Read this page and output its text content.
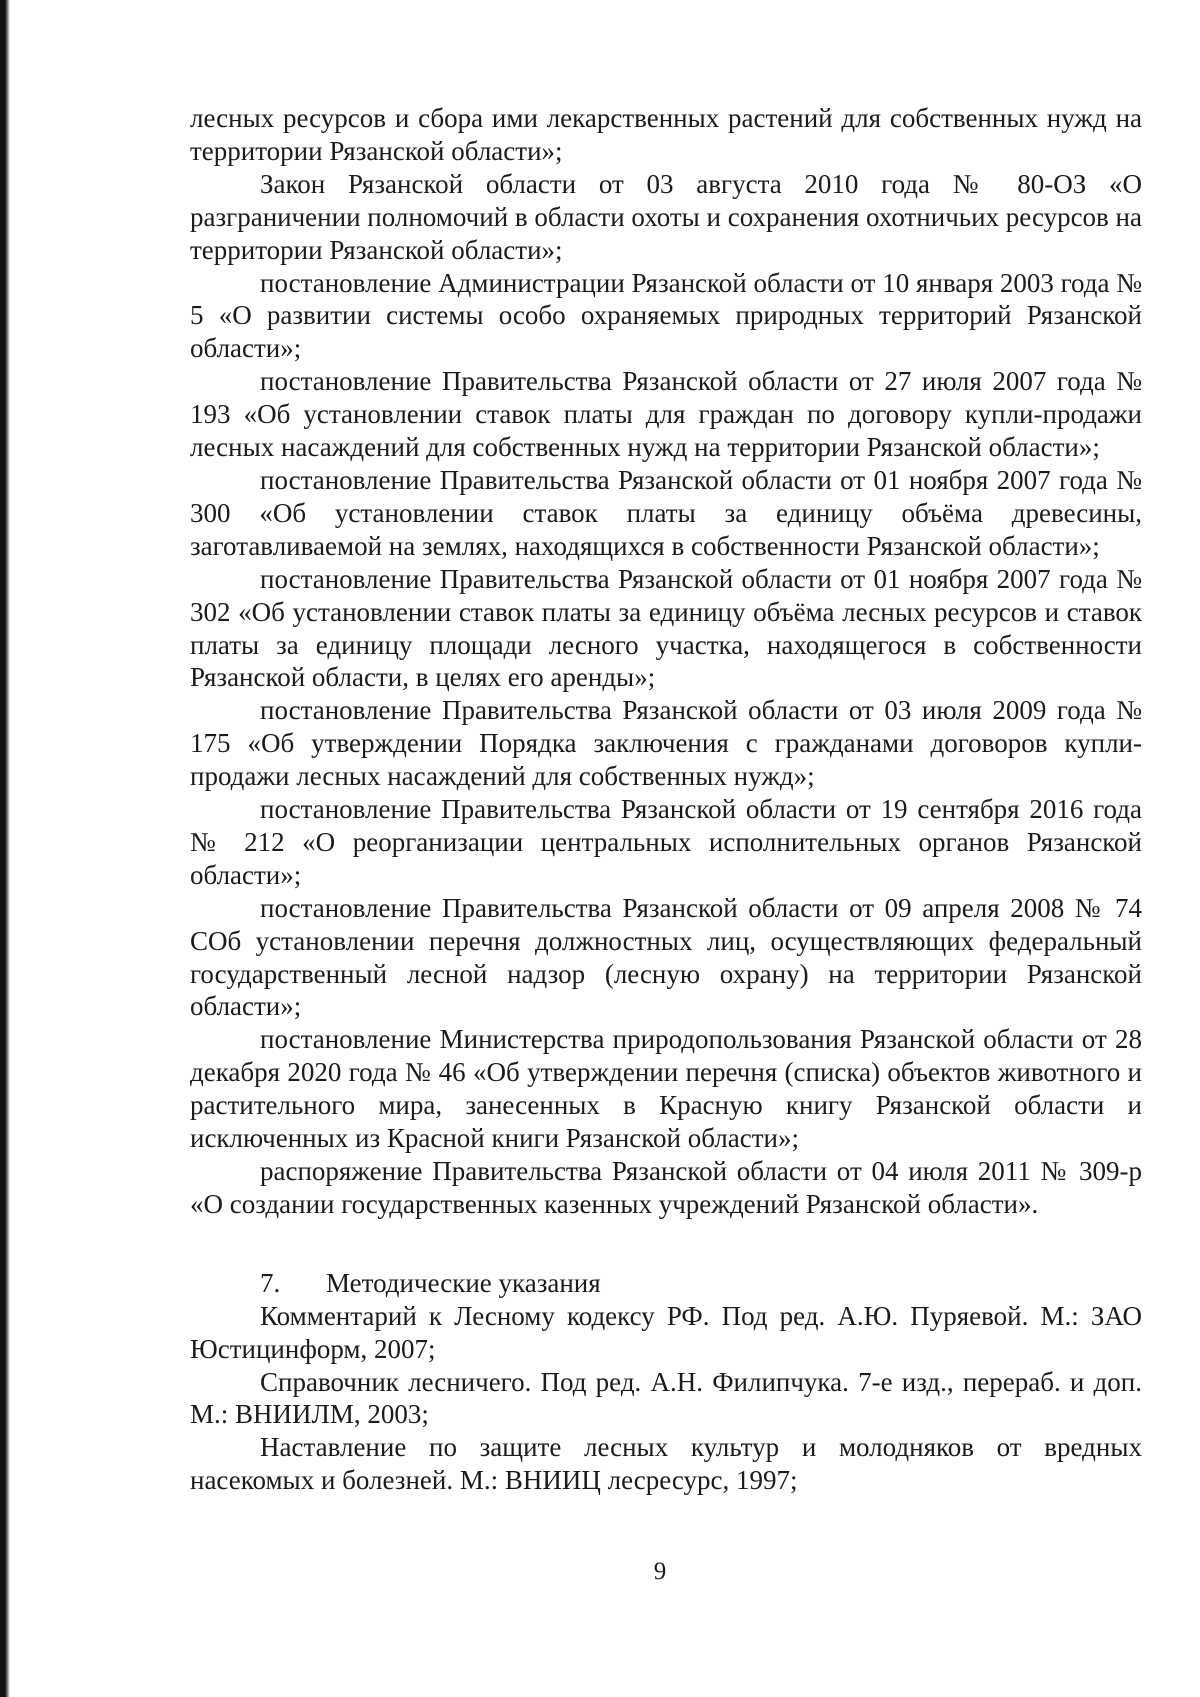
лесных ресурсов и сбора ими лекарственных растений для собственных нужд на территории Рязанской области»;

Закон Рязанской области от 03 августа 2010 года № 80-ОЗ «О разграничении полномочий в области охоты и сохранения охотничьих ресурсов на территории Рязанской области»;

постановление Администрации Рязанской области от 10 января 2003 года № 5 «О развитии системы особо охраняемых природных территорий Рязанской области»;

постановление Правительства Рязанской области от 27 июля 2007 года № 193 «Об установлении ставок платы для граждан по договору купли-продажи лесных насаждений для собственных нужд на территории Рязанской области»;

постановление Правительства Рязанской области от 01 ноября 2007 года № 300 «Об установлении ставок платы за единицу объёма древесины, заготавливаемой на землях, находящихся в собственности Рязанской области»;

постановление Правительства Рязанской области от 01 ноября 2007 года № 302 «Об установлении ставок платы за единицу объёма лесных ресурсов и ставок платы за единицу площади лесного участка, находящегося в собственности Рязанской области, в целях его аренды»;

постановление Правительства Рязанской области от 03 июля 2009 года № 175 «Об утверждении Порядка заключения с гражданами договоров купли-продажи лесных насаждений для собственных нужд»;

постановление Правительства Рязанской области от 19 сентября 2016 года № 212 «О реорганизации центральных исполнительных органов Рязанской области»;

постановление Правительства Рязанской области от 09 апреля 2008 № 74 СОб установлении перечня должностных лиц, осуществляющих федеральный государственный лесной надзор (лесную охрану) на территории Рязанской области»;

постановление Министерства природопользования Рязанской области от 28 декабря 2020 года № 46 «Об утверждении перечня (списка) объектов животного и растительного мира, занесенных в Красную книгу Рязанской области и исключенных из Красной книги Рязанской области»;

распоряжение Правительства Рязанской области от 04 июля 2011 № 309-р «О создании государственных казенных учреждений Рязанской области».

7. Методические указания

Комментарий к Лесному кодексу РФ. Под ред. А.Ю. Пуряевой. М.: ЗАО Юстицинформ, 2007;

Справочник лесничего. Под ред. А.Н. Филипчука. 7-е изд., перераб. и доп. М.: ВНИИЛМ, 2003;

Наставление по защите лесных культур и молодняков от вредных насекомых и болезней. М.: ВНИИЦ лесресурс, 1997;

9
